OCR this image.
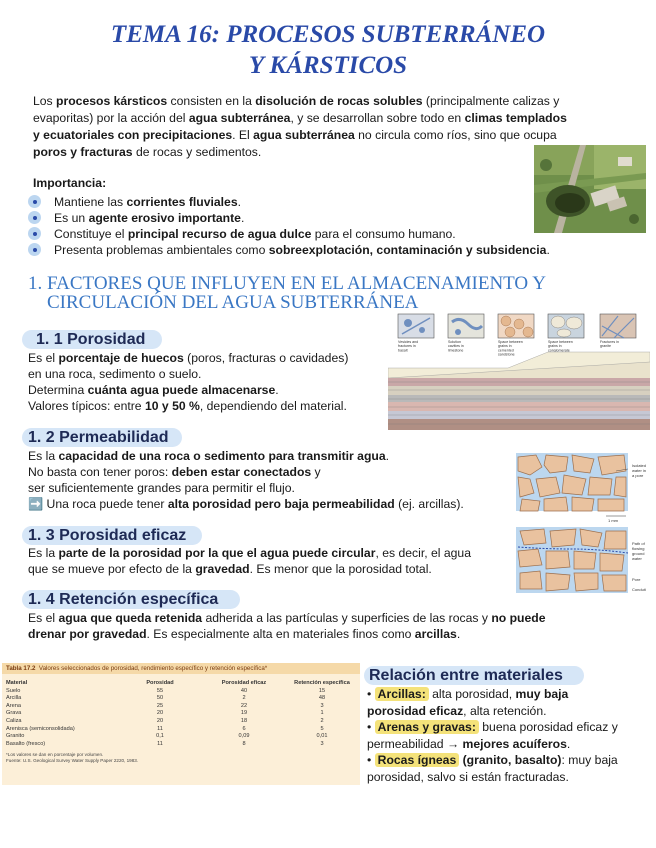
TEMA 16: PROCESOS SUBTERRÁNEO
Y KÁRSTICOS
Los procesos kársticos consisten en la disolución de rocas solubles (principalmente calizas y
evaporitas) por la acción del agua subterránea, y se desarrollan sobre todo en climas templados
y ecuatoriales con precipitaciones. El agua subterránea no circula como ríos, sino que ocupa
poros y fracturas de rocas y sedimentos.
Importancia:
Mantiene las corrientes fluviales.
Es un agente erosivo importante.
Constituye el principal recurso de agua dulce para el consumo humano.
Presenta problemas ambientales como sobreexplotación, contaminación y subsidencia.
1. FACTORES QUE INFLUYEN EN EL ALMACENAMIENTO Y
CIRCULACIÓN DEL AGUA SUBTERRÁNEA
1. 1 Porosidad
Es el porcentaje de huecos (poros, fracturas o cavidades)
en una roca, sedimento o suelo.
Determina cuánta agua puede almacenarse.
Valores típicos: entre 10 y 50 %, dependiendo del material.
1. 2 Permeabilidad
Es la capacidad de una roca o sedimento para transmitir agua.
No basta con tener poros: deben estar conectados y
ser suficientemente grandes para permitir el flujo.
➡️ Una roca puede tener alta porosidad pero baja permeabilidad (ej. arcillas).
1. 3 Porosidad eficaz
Es la parte de la porosidad por la que el agua puede circular, es decir, el agua
que se mueve por efecto de la gravedad. Es menor que la porosidad total.
1. 4 Retención específica
Es el agua que queda retenida adherida a las partículas y superficies de las rocas y no puede
drenar por gravedad. Es especialmente alta en materiales finos como arcillas.
Vesicles and fractures in basalt
Solution cavities in limestone
Space between grains in cemented sandstone
Space between grains in conglomerate
Fractures in granite
Isolated
water in
a pore
1 mm
Path of
flowing
ground
water
Pore
Conduit
Tabla 17.2 Valores seleccionados de porosidad, rendimiento específico y retención específica*
Material	Porosidad	Porosidad eficaz	Retención específica
Suelo	55	40	15
Arcilla	50	2	48
Arena	25	22	3
Grava	20	19	1
Caliza	20	18	2
Arenisca (semiconsolidada)	11	6	5
Granito	0,1	0,09	0,01
Basalto (fresco)	11	8	3
*Los valores se dan en porcentaje por volumen.
Fuente: U.S. Geological Survey Water Supply Paper 2220, 1983.
Relación entre materiales
• Arcillas: alta porosidad, muy baja
porosidad eficaz, alta retención.
• Arenas y gravas: buena porosidad eficaz y
permeabilidad → mejores acuíferos.
• Rocas ígneas (granito, basalto): muy baja
porosidad, salvo si están fracturadas.
